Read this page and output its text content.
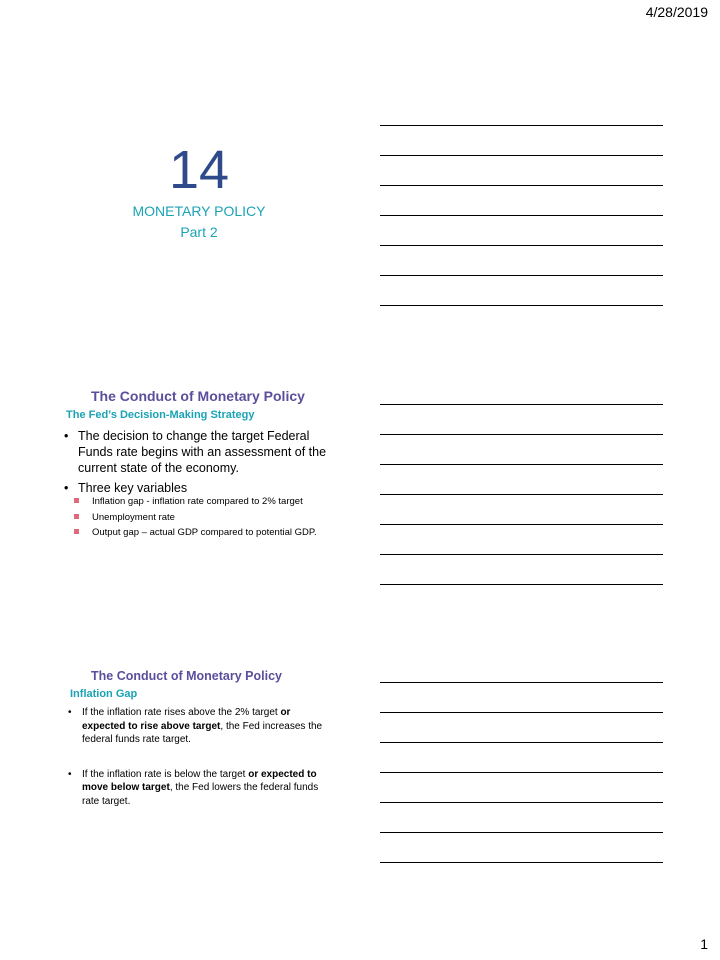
4/28/2019
14
MONETARY POLICY
Part 2
The Conduct of Monetary Policy
The Fed’s Decision-Making Strategy
• The decision to change the target Federal Funds rate begins with an assessment of the current state of the economy.
• Three key variables
Inflation gap - inflation rate compared to 2% target
Unemployment rate
Output gap – actual GDP compared to potential GDP.
The Conduct of Monetary Policy
Inflation Gap
• If the inflation rate rises above the 2% target or expected to rise above target, the Fed increases the federal funds rate target.
• If the inflation rate is below the target or expected to move below target, the Fed lowers the federal funds rate target.
1
